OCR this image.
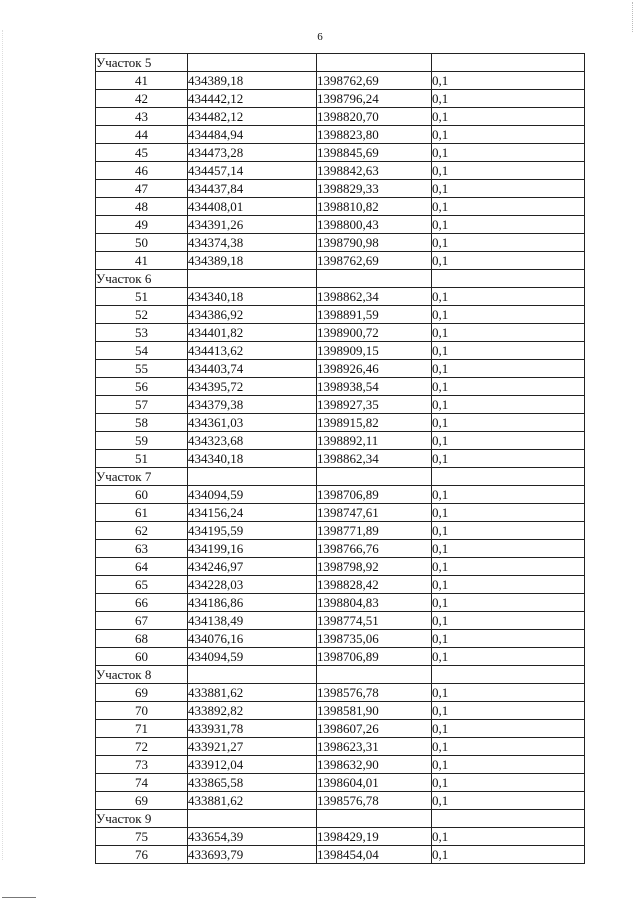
6
Участок 5			
41	434389,18	1398762,69	0,1
42	434442,12	1398796,24	0,1
43	434482,12	1398820,70	0,1
44	434484,94	1398823,80	0,1
45	434473,28	1398845,69	0,1
46	434457,14	1398842,63	0,1
47	434437,84	1398829,33	0,1
48	434408,01	1398810,82	0,1
49	434391,26	1398800,43	0,1
50	434374,38	1398790,98	0,1
41	434389,18	1398762,69	0,1
Участок 6			
51	434340,18	1398862,34	0,1
52	434386,92	1398891,59	0,1
53	434401,82	1398900,72	0,1
54	434413,62	1398909,15	0,1
55	434403,74	1398926,46	0,1
56	434395,72	1398938,54	0,1
57	434379,38	1398927,35	0,1
58	434361,03	1398915,82	0,1
59	434323,68	1398892,11	0,1
51	434340,18	1398862,34	0,1
Участок 7			
60	434094,59	1398706,89	0,1
61	434156,24	1398747,61	0,1
62	434195,59	1398771,89	0,1
63	434199,16	1398766,76	0,1
64	434246,97	1398798,92	0,1
65	434228,03	1398828,42	0,1
66	434186,86	1398804,83	0,1
67	434138,49	1398774,51	0,1
68	434076,16	1398735,06	0,1
60	434094,59	1398706,89	0,1
Участок 8			
69	433881,62	1398576,78	0,1
70	433892,82	1398581,90	0,1
71	433931,78	1398607,26	0,1
72	433921,27	1398623,31	0,1
73	433912,04	1398632,90	0,1
74	433865,58	1398604,01	0,1
69	433881,62	1398576,78	0,1
Участок 9			
75	433654,39	1398429,19	0,1
76	433693,79	1398454,04	0,1
